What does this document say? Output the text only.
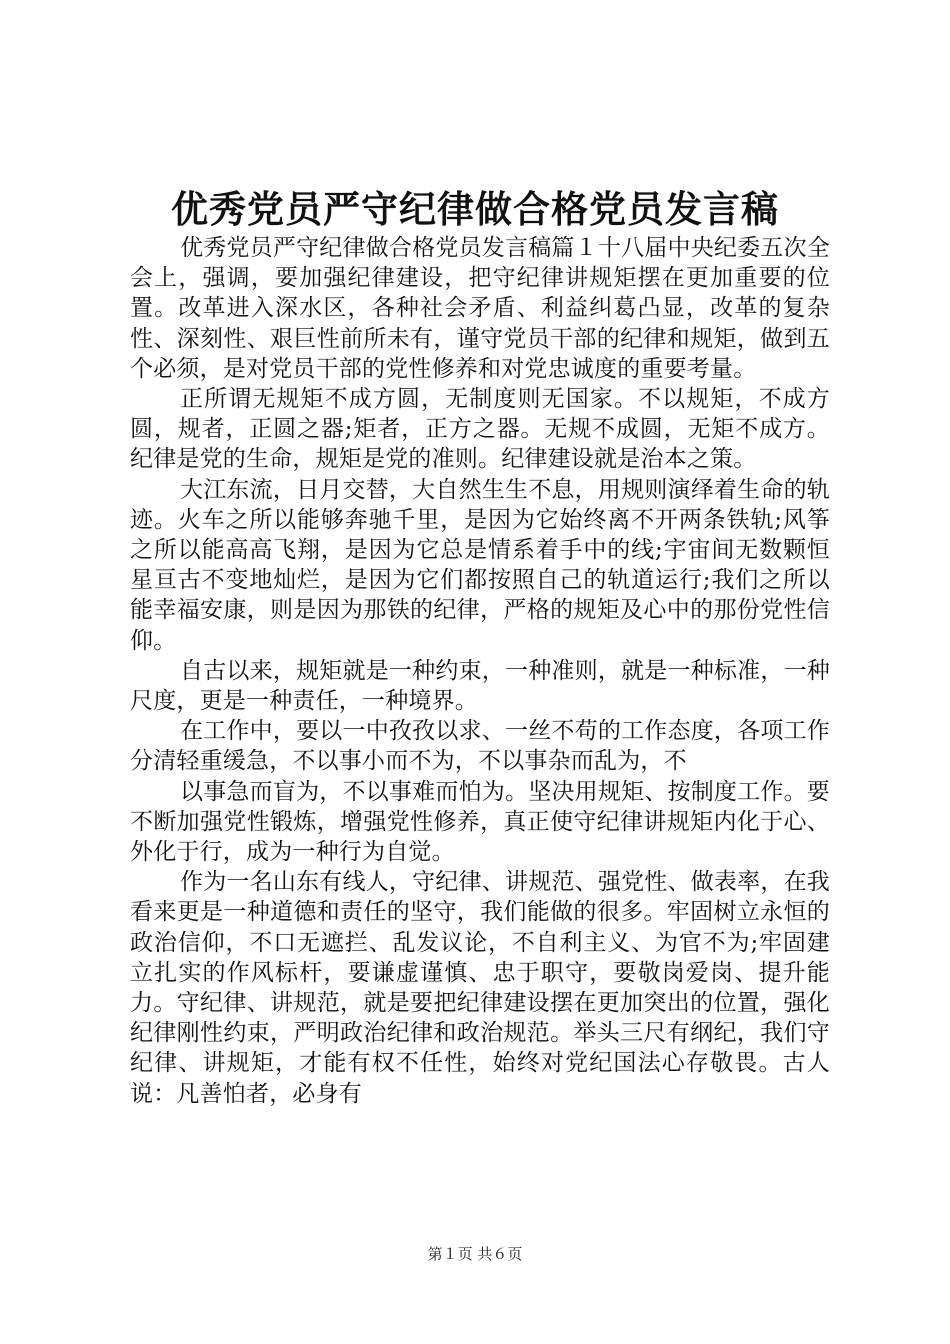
优秀党员严守纪律做合格党员发言稿

优秀党员严守纪律做合格党员发言稿篇１十八届中央纪委五次全会上，强调，要加强纪律建设，把守纪律讲规矩摆在更加重要的位置。改革进入深水区，各种社会矛盾、利益纠葛凸显，改革的复杂性、深刻性、艰巨性前所未有，谨守党员干部的纪律和规矩，做到五个必须，是对党员干部的党性修养和对党忠诚度的重要考量。

正所谓无规矩不成方圆，无制度则无国家。不以规矩，不成方圆，规者，正圆之器;矩者，正方之器。无规不成圆，无矩不成方。纪律是党的生命，规矩是党的准则。纪律建设就是治本之策。

大江东流，日月交替，大自然生生不息，用规则演绎着生命的轨迹。火车之所以能够奔驰千里，是因为它始终离不开两条铁轨;风筝之所以能高高飞翔，是因为它总是情系着手中的线;宇宙间无数颗恒星亘古不变地灿烂，是因为它们都按照自己的轨道运行;我们之所以能幸福安康，则是因为那铁的纪律，严格的规矩及心中的那份党性信仰。

自古以来，规矩就是一种约束，一种准则，就是一种标准，一种尺度，更是一种责任，一种境界。

在工作中，要以一中孜孜以求、一丝不苟的工作态度，各项工作分清轻重缓急，不以事小而不为，不以事杂而乱为，不

以事急而盲为，不以事难而怕为。坚决用规矩、按制度工作。要不断加强党性锻炼，增强党性修养，真正使守纪律讲规矩内化于心、外化于行，成为一种行为自觉。

作为一名山东有线人，守纪律、讲规范、强党性、做表率，在我看来更是一种道德和责任的坚守，我们能做的很多。牢固树立永恒的政治信仰，不口无遮拦、乱发议论，不自利主义、为官不为;牢固建立扎实的作风标杆，要谦虚谨慎、忠于职守，要敬岗爱岗、提升能力。守纪律、讲规范，就是要把纪律建设摆在更加突出的位置，强化纪律刚性约束，严明政治纪律和政治规范。举头三尺有纲纪，我们守纪律、讲规矩，才能有权不任性，始终对党纪国法心存敬畏。古人说：凡善怕者，必身有

第１页 共６页
